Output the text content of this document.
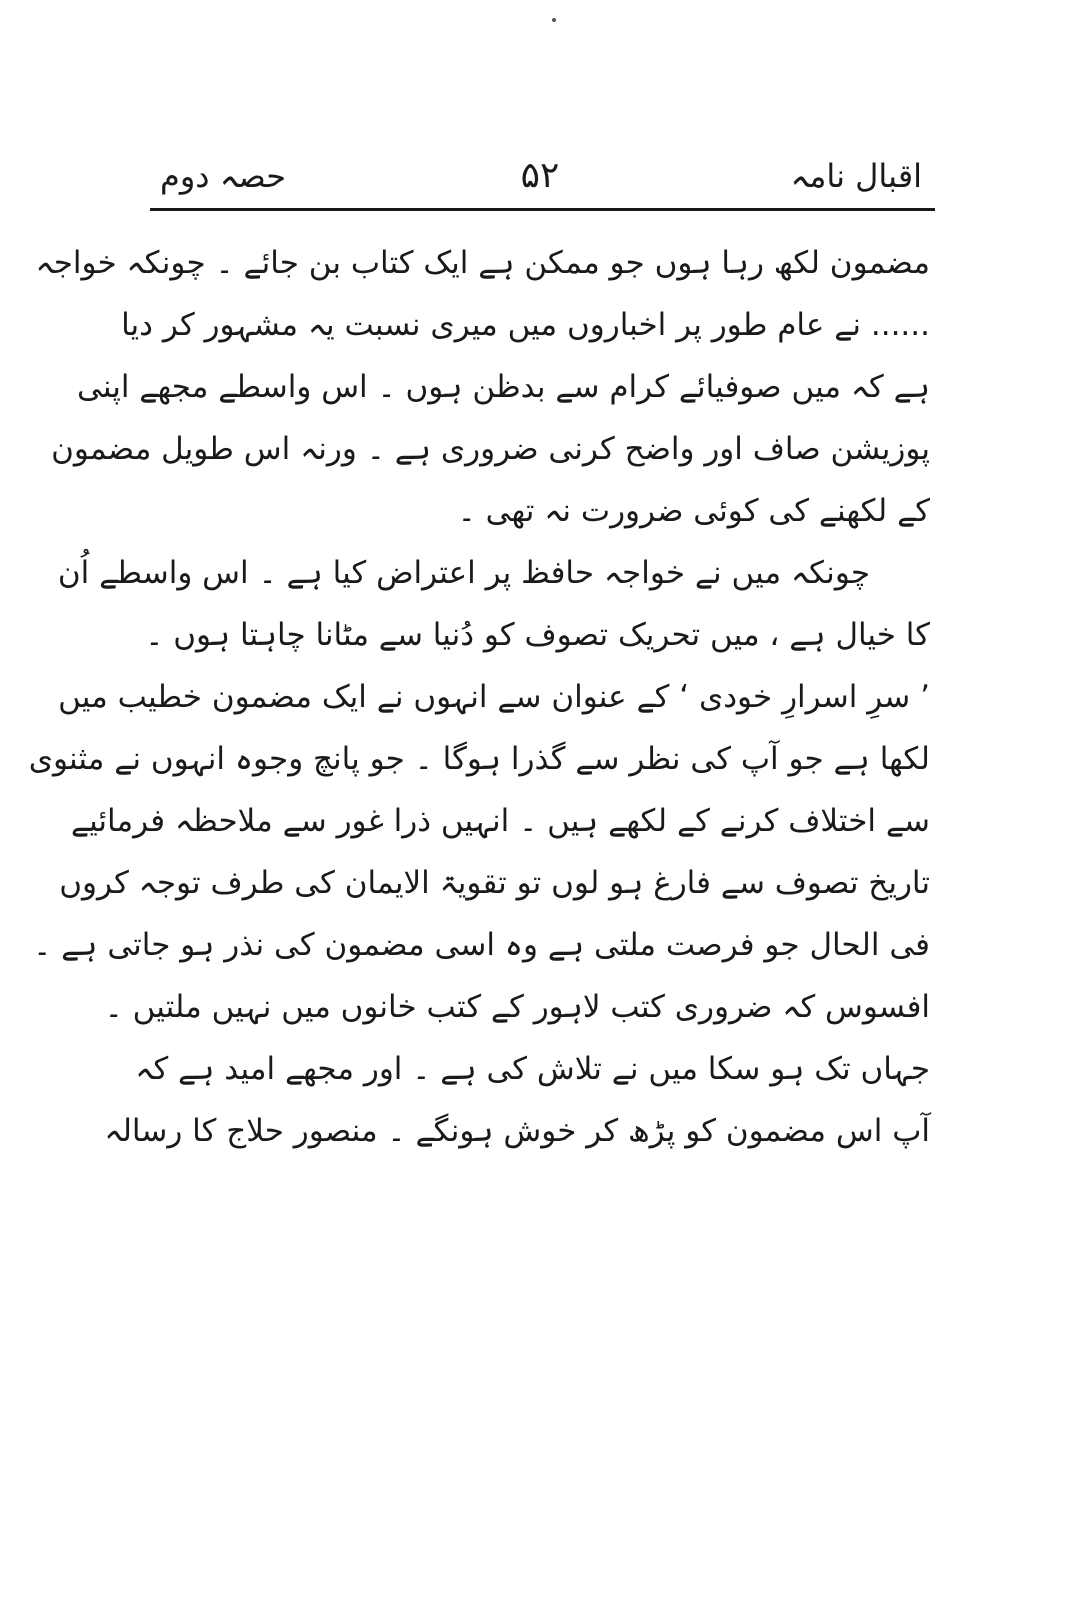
اقبال نامہ
۵۲
حصہ دوم
مضمون لکھ رہا ہوں جو ممکن ہے ایک کتاب بن جائے ۔ چونکہ خواجہ
...... نے عام طور پر اخباروں میں میری نسبت یہ مشہور کر دیا
ہے کہ میں صوفیائے کرام سے بدظن ہوں ۔ اس واسطے مجھے اپنی
پوزیشن صاف اور واضح کرنی ضروری ہے ۔ ورنہ اس طویل مضمون
کے لکھنے کی کوئی ضرورت نہ تھی ۔
چونکہ میں نے خواجہ حافظ پر اعتراض کیا ہے ۔ اس واسطے اُن
کا خیال ہے ، میں تحریک تصوف کو دُنیا سے مٹانا چاہتا ہوں ۔
’ سرِ اسرارِ خودی ‘ کے عنوان سے انہوں نے ایک مضمون خطیب میں
لکھا ہے جو آپ کی نظر سے گذرا ہوگا ۔ جو پانچ وجوہ انہوں نے مثنوی
سے اختلاف کرنے کے لکھے ہیں ۔ انہیں ذرا غور سے ملاحظہ فرمائیے
تاریخ تصوف سے فارغ ہو لوں تو تقویۃ الایمان کی طرف توجہ کروں
فی الحال جو فرصت ملتی ہے وہ اسی مضمون کی نذر ہو جاتی ہے ۔
افسوس کہ ضروری کتب لاہور کے کتب خانوں میں نہیں ملتیں ۔
جہاں تک ہو سکا میں نے تلاش کی ہے ۔ اور مجھے امید ہے کہ
آپ اس مضمون کو پڑھ کر خوش ہونگے ۔ منصور حلاج کا رسالہ
